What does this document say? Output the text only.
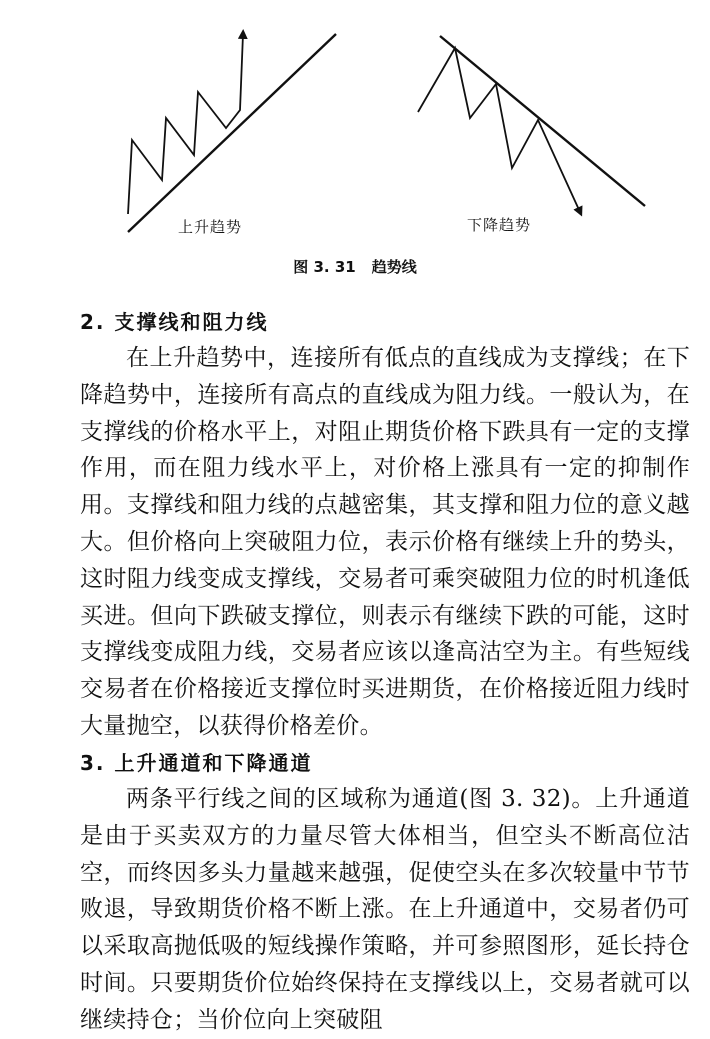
上升趋势	下降趋势
图 3. 31 趋势线
2. 支撑线和阻力线

在上升趋势中，连接所有低点的直线成为支撑线；在下降趋势中，连接所有高点的直线成为阻力线。一般认为，在支撑线的价格水平上，对阻止期货价格下跌具有一定的支撑作用，而在阻力线水平上，对价格上涨具有一定的抑制作用。支撑线和阻力线的点越密集，其支撑和阻力位的意义越大。但价格向上突破阻力位，表示价格有继续上升的势头，这时阻力线变成支撑线，交易者可乘突破阻力位的时机逢低买进。但向下跌破支撑位，则表示有继续下跌的可能，这时支撑线变成阻力线，交易者应该以逢高沽空为主。有些短线交易者在价格接近支撑位时买进期货，在价格接近阻力线时大量抛空，以获得价格差价。

3. 上升通道和下降通道

两条平行线之间的区域称为通道(图 3. 32)。上升通道是由于买卖双方的力量尽管大体相当，但空头不断高位沽空，而终因多头力量越来越强，促使空头在多次较量中节节败退，导致期货价格不断上涨。在上升通道中，交易者仍可以采取高抛低吸的短线操作策略，并可参照图形，延长持仓时间。只要期货价位始终保持在支撑线以上，交易者就可以继续持仓；当价位向上突破阻
